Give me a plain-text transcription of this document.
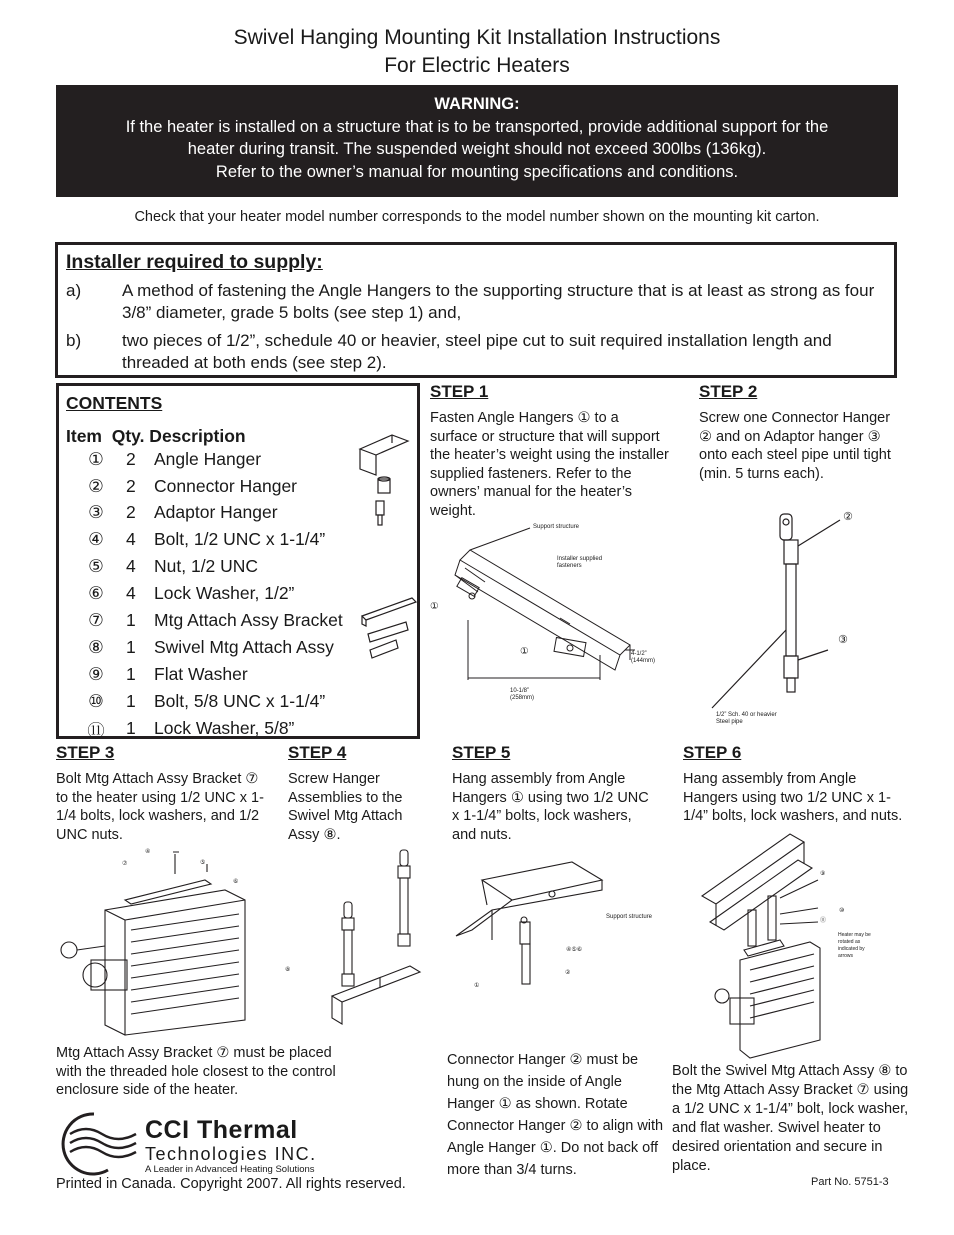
Swivel Hanging Mounting Kit Installation Instructions
For Electric Heaters
WARNING:
If the heater is installed on a structure that is to be transported, provide additional support for the
heater during transit. The suspended weight should not exceed 300lbs (136kg).
Refer to the owner’s manual for mounting specifications and conditions.
Check that your heater model number corresponds to the model number shown on the mounting kit carton.
Installer required to supply:
a)	A method of fastening the Angle Hangers to the supporting structure that is at least as strong as four 3/8” diameter, grade 5 bolts (see step 1) and,
b)	two pieces of 1/2”, schedule 40 or heavier, steel pipe cut to suit required installation length and threaded at both ends (see step 2).
CONTENTS
Item  Qty. Description
①	2	Angle Hanger
②	2	Connector Hanger
③	2	Adaptor Hanger
④	4	Bolt, 1/2 UNC x 1-1/4”
⑤	4	Nut, 1/2 UNC
⑥	4	Lock Washer, 1/2”
⑦	1	Mtg Attach Assy Bracket
⑧	1	Swivel Mtg Attach Assy
⑨	1	Flat Washer
⑩	1	Bolt, 5/8 UNC x 1-1/4”
⑪	1	Lock Washer, 5/8”
STEP 1
Fasten Angle Hangers ① to a surface or structure that will support the heater’s weight using the installer supplied fasteners. Refer to the owners’ manual for the heater’s weight.
Support structure
Installer supplied fasteners
①
①	4-1/2”
(144mm)
10-1/8”
(258mm)
STEP 2
Screw one Connector Hanger ② and on Adaptor hanger ③ onto each steel pipe until tight (min. 5 turns each).
②
③
1/2” Sch. 40 or heavier Steel pipe
STEP 3
Bolt Mtg Attach Assy Bracket ⑦ to the heater using 1/2 UNC x 1-1/4 bolts, lock washers, and 1/2 UNC nuts.
④
⑦	⑤
⑥
Mtg Attach Assy Bracket ⑦ must be placed with the threaded hole closest to the control enclosure side of the heater.
STEP 4
Screw Hanger Assemblies to the Swivel Mtg Attach Assy ⑧.
⑧
STEP 5
Hang assembly from Angle Hangers ① using two 1/2 UNC x 1-1/4” bolts, lock washers, and nuts.
Support structure
④⑤⑥
②
①
Connector Hanger ② must be hung on the inside of Angle Hanger ① as shown. Rotate Connector Hanger ② to align with Angle Hanger ①. Do not back off more than 3/4 turns.
STEP 6
Hang assembly from Angle Hangers using two 1/2 UNC x 1-1/4” bolts, lock washers, and nuts.
⑨
⑩
⑪
Heater may be rotated as indicated by arrows
Bolt the Swivel Mtg Attach Assy ⑧ to the Mtg Attach Assy Bracket ⑦ using a 1/2 UNC x 1-1/4” bolt, lock washer, and flat washer. Swivel heater to desired orientation and secure in place.
CCI Thermal
Technologies INC.
A Leader in Advanced Heating Solutions
Printed in Canada. Copyright 2007. All rights reserved.	Part No. 5751-3
